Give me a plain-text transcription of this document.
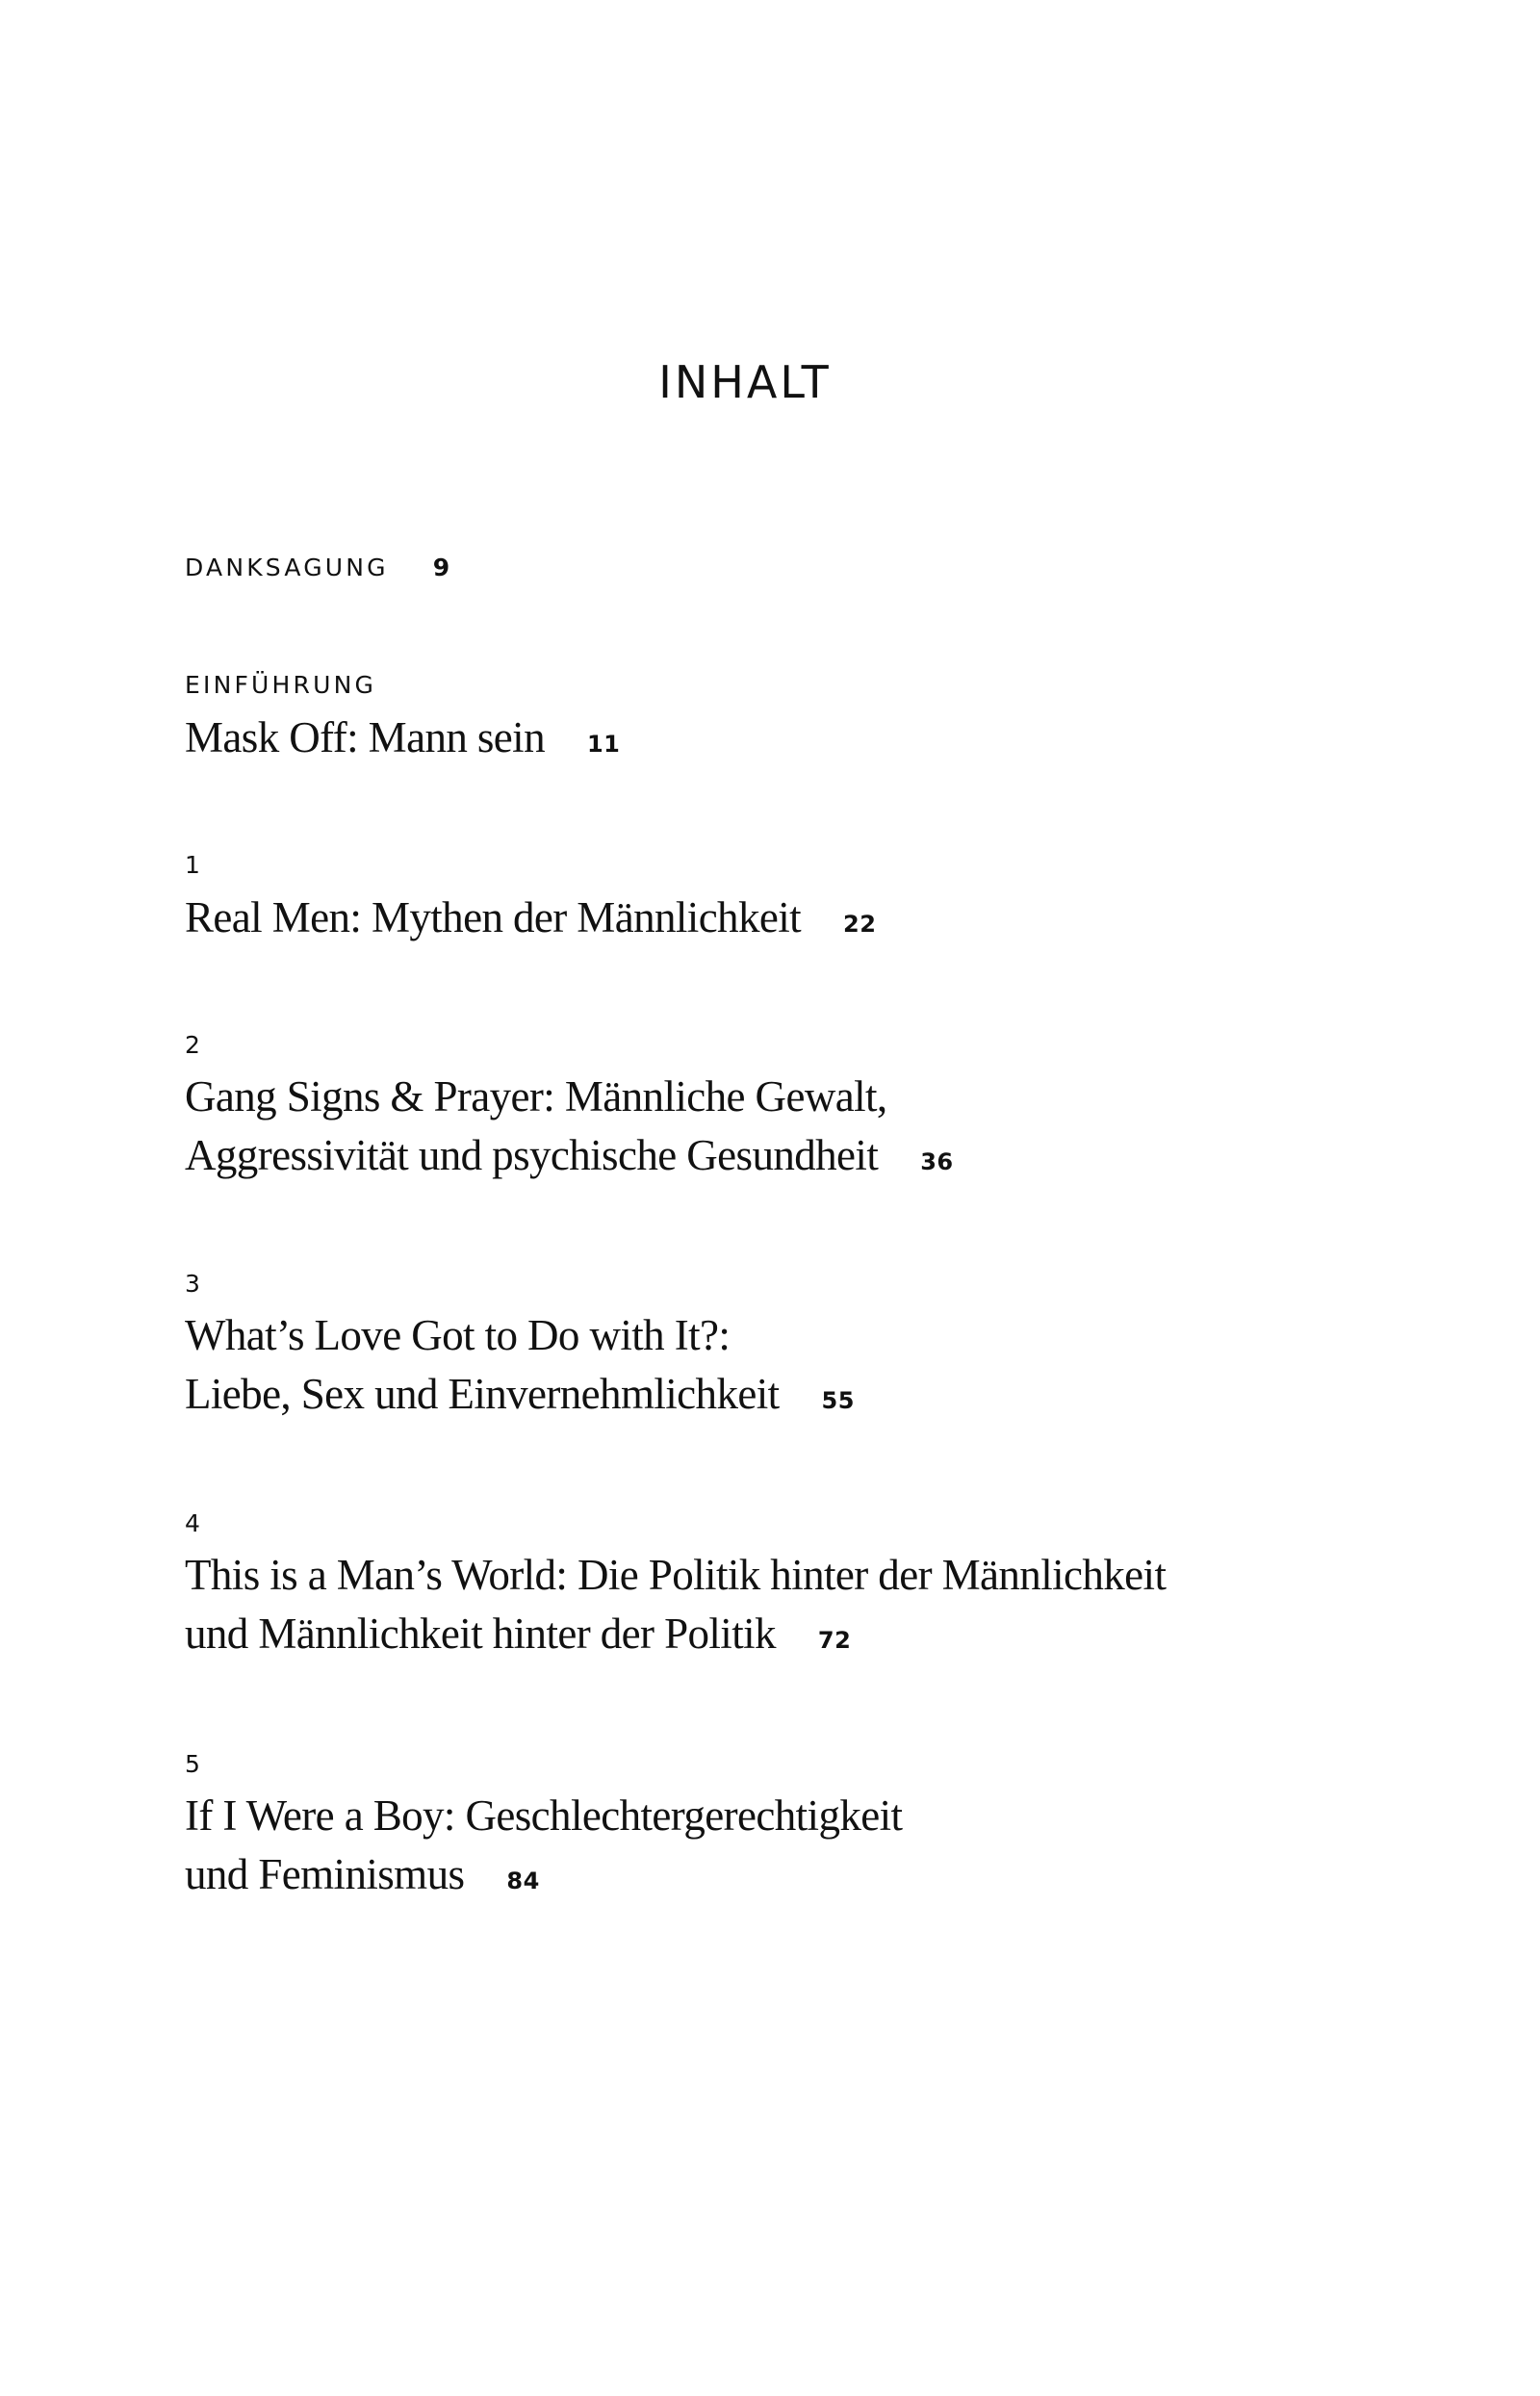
INHALT
DANKSAGUNG 9
EINFÜHRUNG
Mask Off: Mann sein 11
1
Real Men: Mythen der Männlichkeit 22
2
Gang Signs & Prayer: Männliche Gewalt,
Aggressivität und psychische Gesundheit 36
3
What’s Love Got to Do with It?:
Liebe, Sex und Einvernehmlichkeit 55
4
This is a Man’s World: Die Politik hinter der Männlichkeit
und Männlichkeit hinter der Politik 72
5
If I Were a Boy: Geschlechtergerechtigkeit
und Feminismus 84
